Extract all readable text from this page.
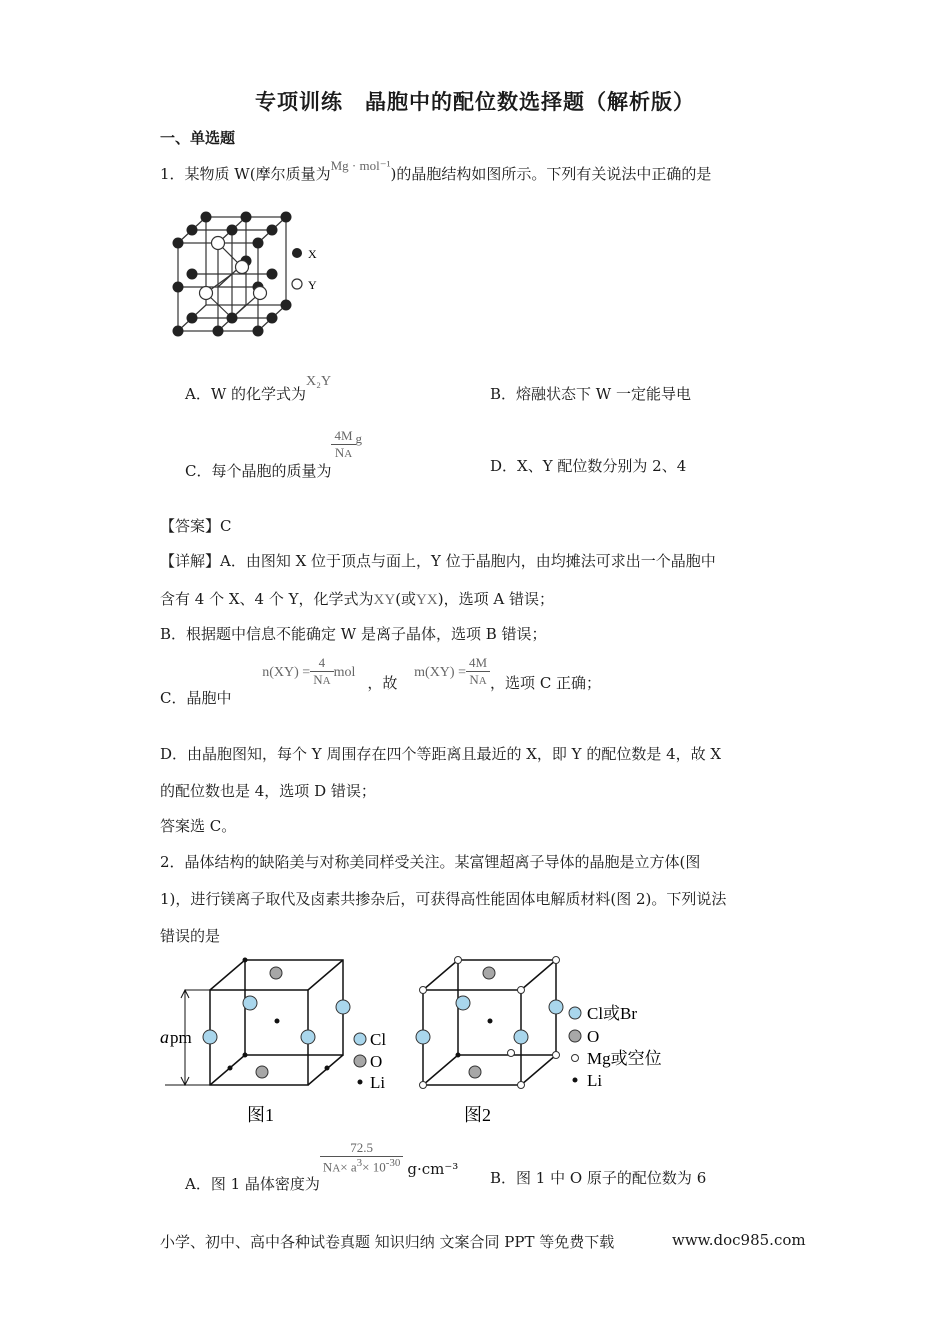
专项训练　晶胞中的配位数选择题（解析版）
一、单选题
1．某物质 W(摩尔质量为Mg · mol⁻¹)的晶胞结构如图所示。下列有关说法中正确的是
X
Y
A．W 的化学式为X₂Y
B．熔融状态下 W 一定能导电
C．每个晶胞的质量为
$\frac{4M}{NA}$ g
D．X、Y 配位数分别为 2、4
【答案】C
【详解】A．由图知 X 位于顶点与面上，Y 位于晶胞内，由均摊法可求出一个晶胞中
含有 4 个 X、4 个 Y，化学式为XY(或YX)，选项 A 错误；
B．根据题中信息不能确定 W 是离子晶体，选项 B 错误；
C．晶胞中 $n(XY) = \frac{4}{NA}$ mol，故 $m(XY) = \frac{4M}{NA}$ ，选项 C 正确；
D．由晶胞图知，每个 Y 周围存在四个等距离且最近的 X，即 Y 的配位数是 4，故 X
的配位数也是 4，选项 D 错误；
答案选 C。
2．晶体结构的缺陷美与对称美同样受关注。某富锂超离子导体的晶胞是立方体(图
1)，进行镁离子取代及卤素共掺杂后，可获得高性能固体电解质材料(图 2)。下列说法
错误的是
a pm	Cl
O
Li
图1
Cl或Br
O
Mg或空位
Li
图2
A．图 1 晶体密度为
$\frac{72.5}{NA\times a^3\times 10^{-30}} g\cdot cm^{-3}$
B．图 1 中 O 原子的配位数为 6
小学、初中、高中各种试卷真题 知识归纳 文案合同 PPT 等免费下载	www.doc985.com
